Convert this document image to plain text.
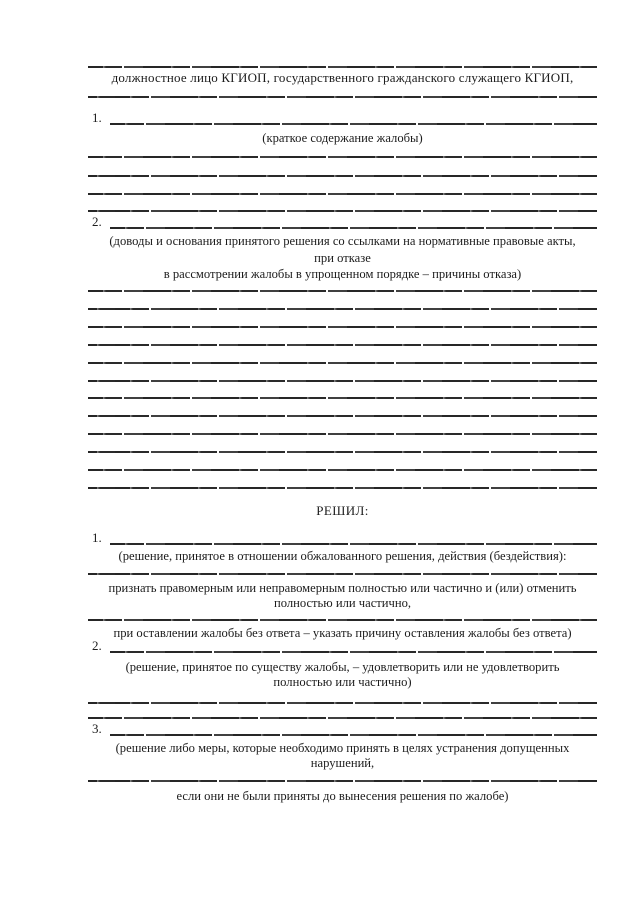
должностное лицо КГИОП, государственного гражданского служащего КГИОП,
1.
(краткое содержание жалобы)
2.
(доводы и основания принятого решения со ссылками на нормативные правовые акты,
при отказе
в рассмотрении жалобы в упрощенном порядке – причины отказа)
РЕШИЛ:
1.
(решение, принятое в отношении обжалованного решения, действия (бездействия):
признать правомерным или неправомерным полностью или частично и (или) отменить
полностью или частично,
при оставлении жалобы без ответа – указать причину оставления жалобы без ответа)
2.
(решение, принятое по существу жалобы, – удовлетворить или не удовлетворить
полностью или частично)
3.
(решение либо меры, которые необходимо принять в целях устранения допущенных
нарушений,
если они не были приняты до вынесения решения по жалобе)
